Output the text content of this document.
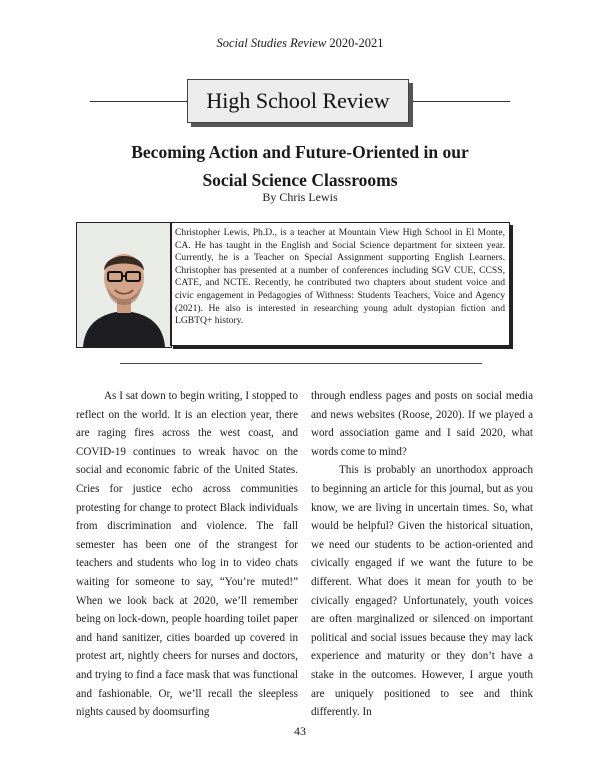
Social Studies Review 2020-2021
High School Review
Becoming Action and Future-Oriented in our
Social Science Classrooms
By Chris Lewis
Christopher Lewis, Ph.D., is a teacher at Mountain View High School in El Monte, CA. He has taught in the English and Social Science department for sixteen year. Currently, he is a Teacher on Special Assignment supporting English Learners. Christopher has presented at a number of conferences including SGV CUE, CCSS, CATE, and NCTE. Recently, he contributed two chapters about student voice and civic engagement in Pedagogies of Withness: Students Teachers, Voice and Agency (2021). He also is interested in researching young adult dystopian fiction and LGBTQ+ history.

As I sat down to begin writing, I stopped to reflect on the world. It is an election year, there are raging fires across the west coast, and COVID-19 continues to wreak havoc on the social and economic fabric of the United States. Cries for justice echo across communities protesting for change to protect Black individuals from discrimination and violence. The fall semester has been one of the strangest for teachers and students who log in to video chats waiting for someone to say, “You’re muted!” When we look back at 2020, we’ll remember being on lock-down, people hoarding toilet paper and hand sanitizer, cities boarded up covered in protest art, nightly cheers for nurses and doctors, and trying to find a face mask that was functional and fashionable. Or, we’ll recall the sleepless nights caused by doomsurfing

through endless pages and posts on social media and news websites (Roose, 2020). If we played a word association game and I said 2020, what words come to mind?

This is probably an unorthodox approach to beginning an article for this journal, but as you know, we are living in uncertain times. So, what would be helpful? Given the historical situation, we need our students to be action-oriented and civically engaged if we want the future to be different. What does it mean for youth to be civically engaged? Unfortunately, youth voices are often marginalized or silenced on important political and social issues because they may lack experience and maturity or they don’t have a stake in the outcomes. However, I argue youth are uniquely positioned to see and think differently. In

43
